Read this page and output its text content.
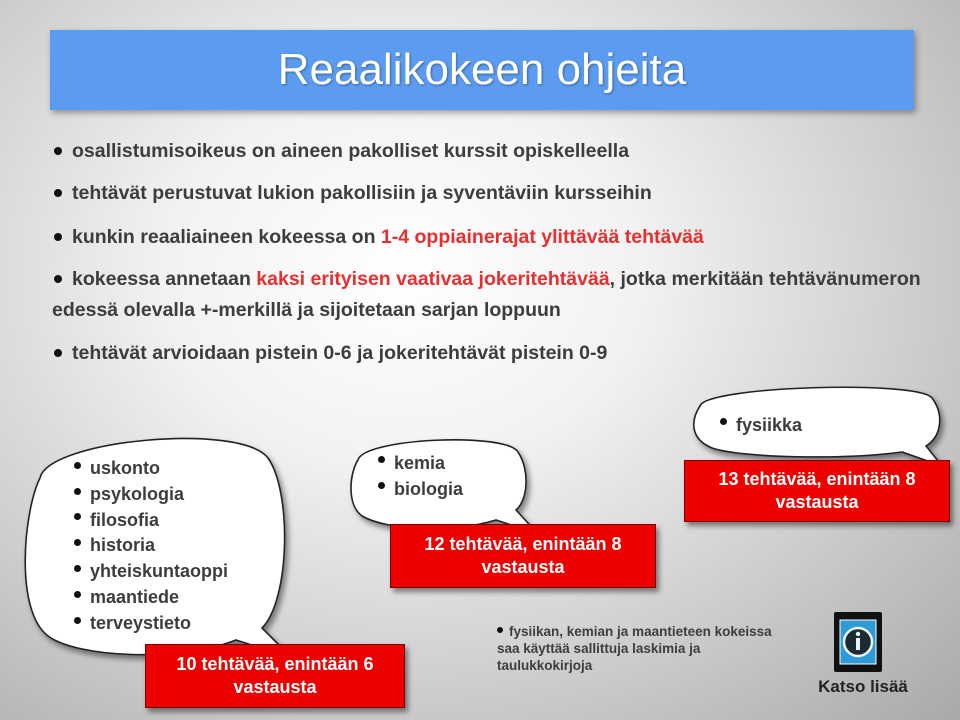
Reaalikokeen ohjeita
osallistumisoikeus on aineen pakolliset kurssit opiskelleella
tehtävät perustuvat lukion pakollisiin ja syventäviin kursseihin
kunkin reaaliaineen kokeessa on 1-4 oppiainerajat ylittävää tehtävää
kokeessa annetaan kaksi erityisen vaativaa jokeritehtävää, jotka merkitään tehtävänumeron edessä olevalla +-merkillä ja sijoitetaan sarjan loppuun
tehtävät arvioidaan pistein 0-6 ja jokeritehtävät pistein 0-9
uskonto
psykologia
filosofia
historia
yhteiskuntaoppi
maantiede
terveystieto
10 tehtävää, enintään 6
vastausta
kemia
biologia
12 tehtävää, enintään 8
vastausta
fysiikka
13 tehtävää, enintään 8
vastausta
fysiikan, kemian ja maantieteen kokeissa saa käyttää sallittuja laskimia ja taulukkokirjoja
Katso lisää
